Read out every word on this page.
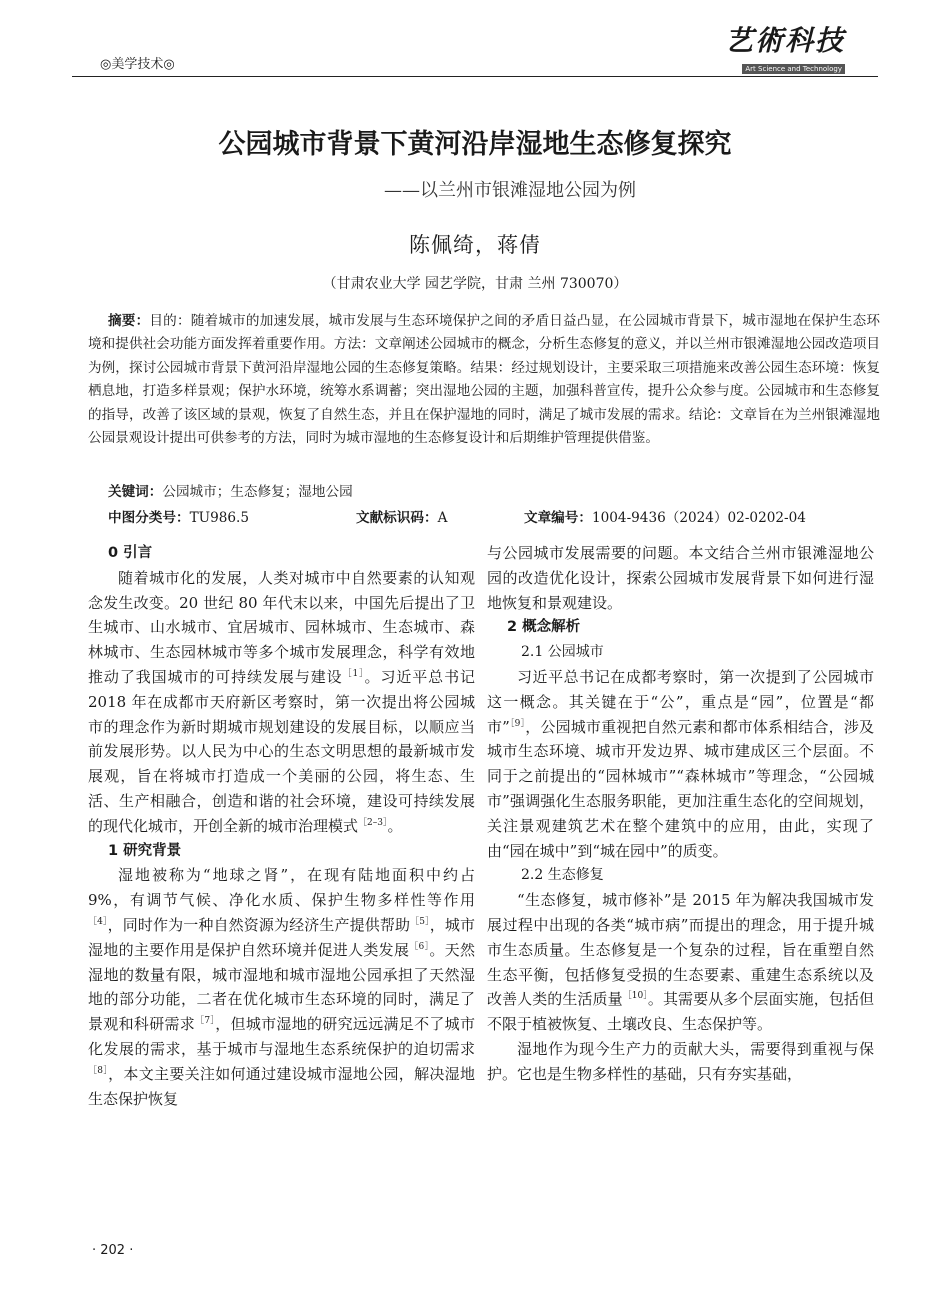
◎美学技术◎
艺術科技
Art Science and Technology
公园城市背景下黄河沿岸湿地生态修复探究
——以兰州市银滩湿地公园为例
陈佩绮，蒋倩
（甘肃农业大学 园艺学院，甘肃 兰州 730070）

摘要：目的：随着城市的加速发展，城市发展与生态环境保护之间的矛盾日益凸显，在公园城市背景下，城市湿地在保护生态环境和提供社会功能方面发挥着重要作用。方法：文章阐述公园城市的概念，分析生态修复的意义，并以兰州市银滩湿地公园改造项目为例，探讨公园城市背景下黄河沿岸湿地公园的生态修复策略。结果：经过规划设计，主要采取三项措施来改善公园生态环境：恢复栖息地，打造多样景观；保护水环境，统筹水系调蓄；突出湿地公园的主题，加强科普宣传，提升公众参与度。公园城市和生态修复的指导，改善了该区域的景观，恢复了自然生态，并且在保护湿地的同时，满足了城市发展的需求。结论：文章旨在为兰州银滩湿地公园景观设计提出可供参考的方法，同时为城市湿地的生态修复设计和后期维护管理提供借鉴。

关键词：公园城市；生态修复；湿地公园
中图分类号：TU986.5	文献标识码：A	文章编号：1004-9436（2024）02-0202-04
0 引言

随着城市化的发展，人类对城市中自然要素的认知观念发生改变。20 世纪 80 年代末以来，中国先后提出了卫生城市、山水城市、宜居城市、园林城市、生态城市、森林城市、生态园林城市等多个城市发展理念，科学有效地推动了我国城市的可持续发展与建设$^{[1]}$。习近平总书记 2018 年在成都市天府新区考察时，第一次提出将公园城市的理念作为新时期城市规划建设的发展目标，以顺应当前发展形势。以人民为中心的生态文明思想的最新城市发展观，旨在将城市打造成一个美丽的公园，将生态、生活、生产相融合，创造和谐的社会环境，建设可持续发展的现代化城市，开创全新的城市治理模式$^{[2-3]}$。

1 研究背景

湿地被称为“地球之肾”，在现有陆地面积中约占 9%，有调节气候、净化水质、保护生物多样性等作用$^{[4]}$，同时作为一种自然资源为经济生产提供帮助$^{[5]}$，城市湿地的主要作用是保护自然环境并促进人类发展$^{[6]}$。天然湿地的数量有限，城市湿地和城市湿地公园承担了天然湿地的部分功能，二者在优化城市生态环境的同时，满足了景观和科研需求$^{[7]}$，但城市湿地的研究远远满足不了城市化发展的需求，基于城市与湿地生态系统保护的迫切需求$^{[8]}$，本文主要关注如何通过建设城市湿地公园，解决湿地生态保护恢复

与公园城市发展需要的问题。本文结合兰州市银滩湿地公园的改造优化设计，探索公园城市发展背景下如何进行湿地恢复和景观建设。

2 概念解析
2.1 公园城市

习近平总书记在成都考察时，第一次提到了公园城市这一概念。其关键在于“公”，重点是“园”，位置是“都市”$^{[9]}$，公园城市重视把自然元素和都市体系相结合，涉及城市生态环境、城市开发边界、城市建成区三个层面。不同于之前提出的“园林城市”“森林城市”等理念，“公园城市”强调强化生态服务职能，更加注重生态化的空间规划，关注景观建筑艺术在整个建筑中的应用，由此，实现了由“园在城中”到“城在园中”的质变。

2.2 生态修复

“生态修复，城市修补”是 2015 年为解决我国城市发展过程中出现的各类“城市病”而提出的理念，用于提升城市生态质量。生态修复是一个复杂的过程，旨在重塑自然生态平衡，包括修复受损的生态要素、重建生态系统以及改善人类的生活质量$^{[10]}$。其需要从多个层面实施，包括但不限于植被恢复、土壤改良、生态保护等。

湿地作为现今生产力的贡献大头，需要得到重视与保护。它也是生物多样性的基础，只有夯实基础，

· 202 ·
